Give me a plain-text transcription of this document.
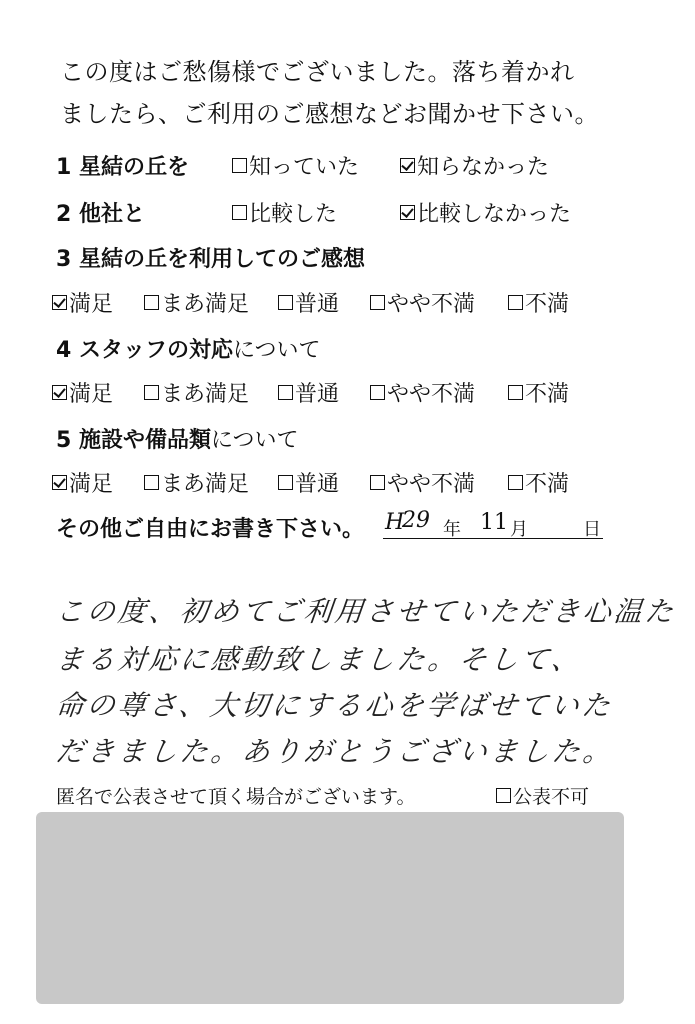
この度はご愁傷様でございました。落ち着かれ
ましたら、ご利用のご感想などお聞かせ下さい。
1 星結の丘を	知っていた	知らなかった
2 他社と	比較した	比較しなかった
3 星結の丘を利用してのご感想
満足 まあ満足 普通 やや不満 不満
4 スタッフの対応について
満足 まあ満足 普通 やや不満 不満
5 施設や備品類について
満足 まあ満足 普通 やや不満 不満
その他ご自由にお書き下さい。 H
29 年 11 月	日
この度、初めてご利用させていただき心温た
まる対応に感動致しました。そして、
命の尊さ、大切にする心を学ばせていた
だきました。ありがとうございました。
匿名で公表させて頂く場合がございます。	公表不可
